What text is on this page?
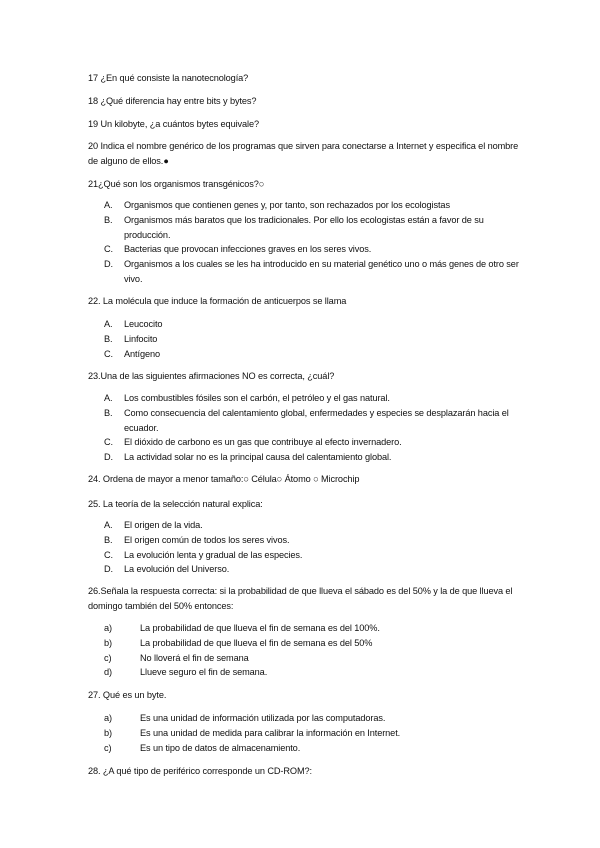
17 ¿En qué consiste la nanotecnología?

18 ¿Qué diferencia hay entre bits y bytes?

19 Un kilobyte, ¿a cuántos bytes equivale?

20 Indica el nombre genérico de los programas que sirven para conectarse a Internet y especifica el nombre de alguno de ellos.●

21¿Qué son los organismos transgénicos?○

A. Organismos que contienen genes y, por tanto, son rechazados por los ecologistas
B. Organismos más baratos que los tradicionales. Por ello los ecologistas están a favor de su producción.
C. Bacterias que provocan infecciones graves en los seres vivos.
D. Organismos a los cuales se les ha introducido en su material genético uno o más genes de otro ser vivo.

22. La molécula que induce la formación de anticuerpos se llama

A. Leucocito
B. Linfocito
C. Antígeno

23.Una de las siguientes afirmaciones NO es correcta, ¿cuál?

A. Los combustibles fósiles son el carbón, el petróleo y el gas natural.
B. Como consecuencia del calentamiento global, enfermedades y especies se desplazarán hacia el ecuador.
C. El dióxido de carbono es un gas que contribuye al efecto invernadero.
D. La actividad solar no es la principal causa del calentamiento global.

24. Ordena de mayor a menor tamaño:○ Célula○ Átomo ○ Microchip

25. La teoría de la selección natural explica:

A. El origen de la vida.
B. El origen común de todos los seres vivos.
C. La evolución lenta y gradual de las especies.
D. La evolución del Universo.

26.Señala la respuesta correcta: si la probabilidad de que llueva el sábado es del 50% y la de que llueva el domingo también del 50% entonces:

a)	La probabilidad de que llueva el fin de semana es del 100%.
b)	La probabilidad de que llueva el fin de semana es del 50%
c)	No lloverá el fin de semana
d)	Llueve seguro el fin de semana.

27. Qué es un byte.

a)	Es una unidad de información utilizada por las computadoras.
b)	Es una unidad de medida para calibrar la información en Internet.
c)	Es un tipo de datos de almacenamiento.

28. ¿A qué tipo de periférico corresponde un CD-ROM?:
